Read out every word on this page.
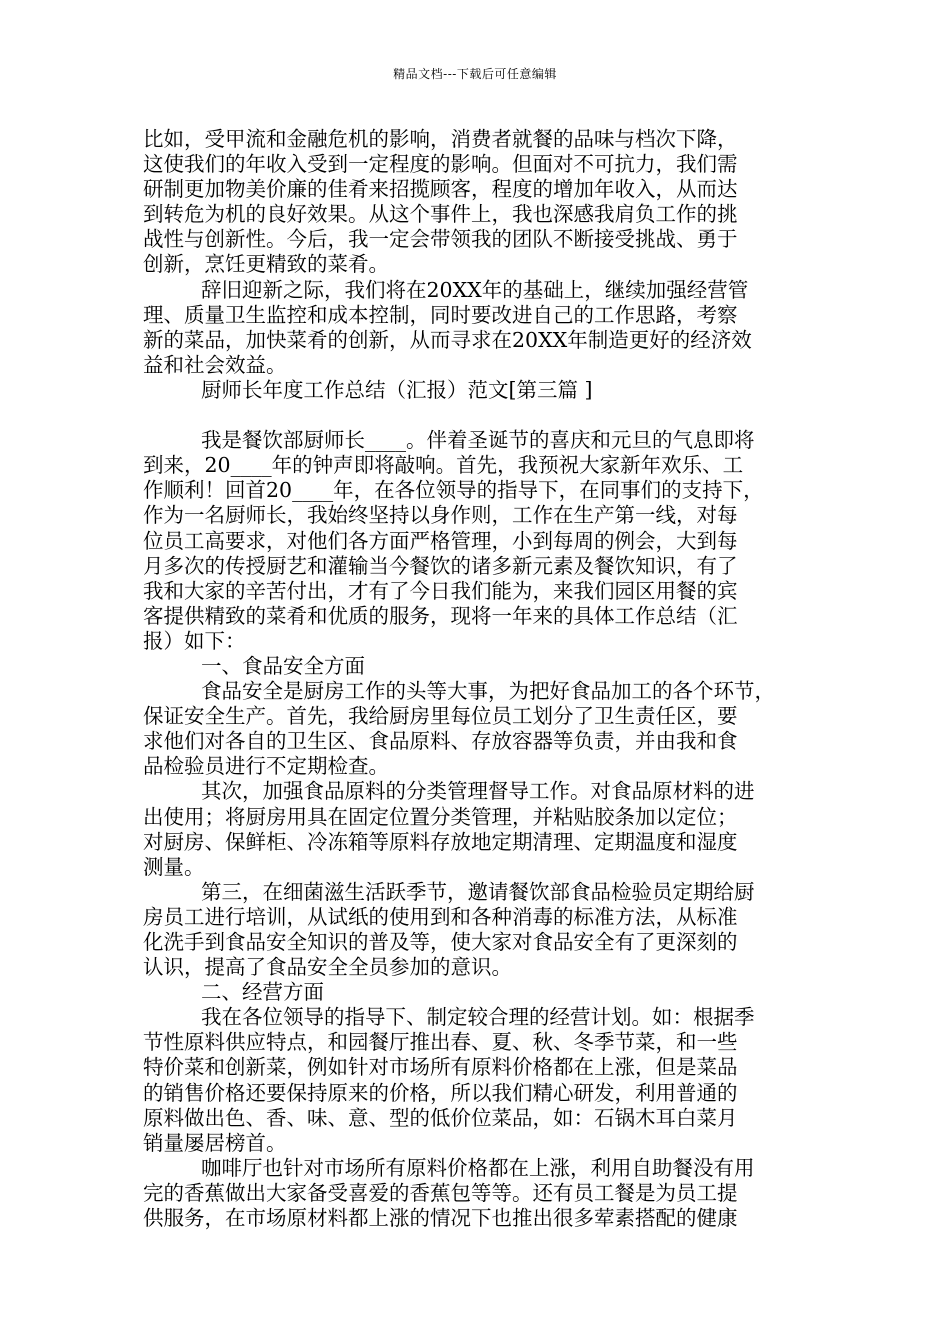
精品文档---下载后可任意编辑
比如，受甲流和金融危机的影响，消费者就餐的品味与档次下降，
这使我们的年收入受到一定程度的影响。但面对不可抗力，我们需
研制更加物美价廉的佳肴来招揽顾客，程度的增加年收入，从而达
到转危为机的良好效果。从这个事件上，我也深感我肩负工作的挑
战性与创新性。今后，我一定会带领我的团队不断接受挑战、勇于
创新，烹饪更精致的菜肴。
辞旧迎新之际，我们将在20XX年的基础上，继续加强经营管
理、质量卫生监控和成本控制，同时要改进自己的工作思路，考察
新的菜品，加快菜肴的创新，从而寻求在20XX年制造更好的经济效
益和社会效益。
厨师长年度工作总结（汇报）范文[第三篇 ]
我是餐饮部厨师长____。伴着圣诞节的喜庆和元旦的气息即将
到来，20____年的钟声即将敲响。首先，我预祝大家新年欢乐、工
作顺利！回首20____年，在各位领导的指导下，在同事们的支持下，
作为一名厨师长，我始终坚持以身作则，工作在生产第一线，对每
位员工高要求，对他们各方面严格管理，小到每周的例会，大到每
月多次的传授厨艺和灌输当今餐饮的诸多新元素及餐饮知识，有了
我和大家的辛苦付出，才有了今日我们能为，来我们园区用餐的宾
客提供精致的菜肴和优质的服务，现将一年来的具体工作总结（汇
报）如下：
一、食品安全方面
食品安全是厨房工作的头等大事，为把好食品加工的各个环节，
保证安全生产。首先，我给厨房里每位员工划分了卫生责任区，要
求他们对各自的卫生区、食品原料、存放容器等负责，并由我和食
品检验员进行不定期检查。
其次，加强食品原料的分类管理督导工作。对食品原材料的进
出使用；将厨房用具在固定位置分类管理，并粘贴胶条加以定位；
对厨房、保鲜柜、冷冻箱等原料存放地定期清理、定期温度和湿度
测量。
第三，在细菌滋生活跃季节，邀请餐饮部食品检验员定期给厨
房员工进行培训，从试纸的使用到和各种消毒的标准方法，从标准
化洗手到食品安全知识的普及等，使大家对食品安全有了更深刻的
认识，提高了食品安全全员参加的意识。
二、经营方面
我在各位领导的指导下、制定较合理的经营计划。如：根据季
节性原料供应特点，和园餐厅推出春、夏、秋、冬季节菜，和一些
特价菜和创新菜，例如针对市场所有原料价格都在上涨，但是菜品
的销售价格还要保持原来的价格，所以我们精心研发，利用普通的
原料做出色、香、味、意、型的低价位菜品，如：石锅木耳白菜月
销量屡居榜首。
咖啡厅也针对市场所有原料价格都在上涨，利用自助餐没有用
完的香蕉做出大家备受喜爱的香蕉包等等。还有员工餐是为员工提
供服务，在市场原材料都上涨的情况下也推出很多荤素搭配的健康
